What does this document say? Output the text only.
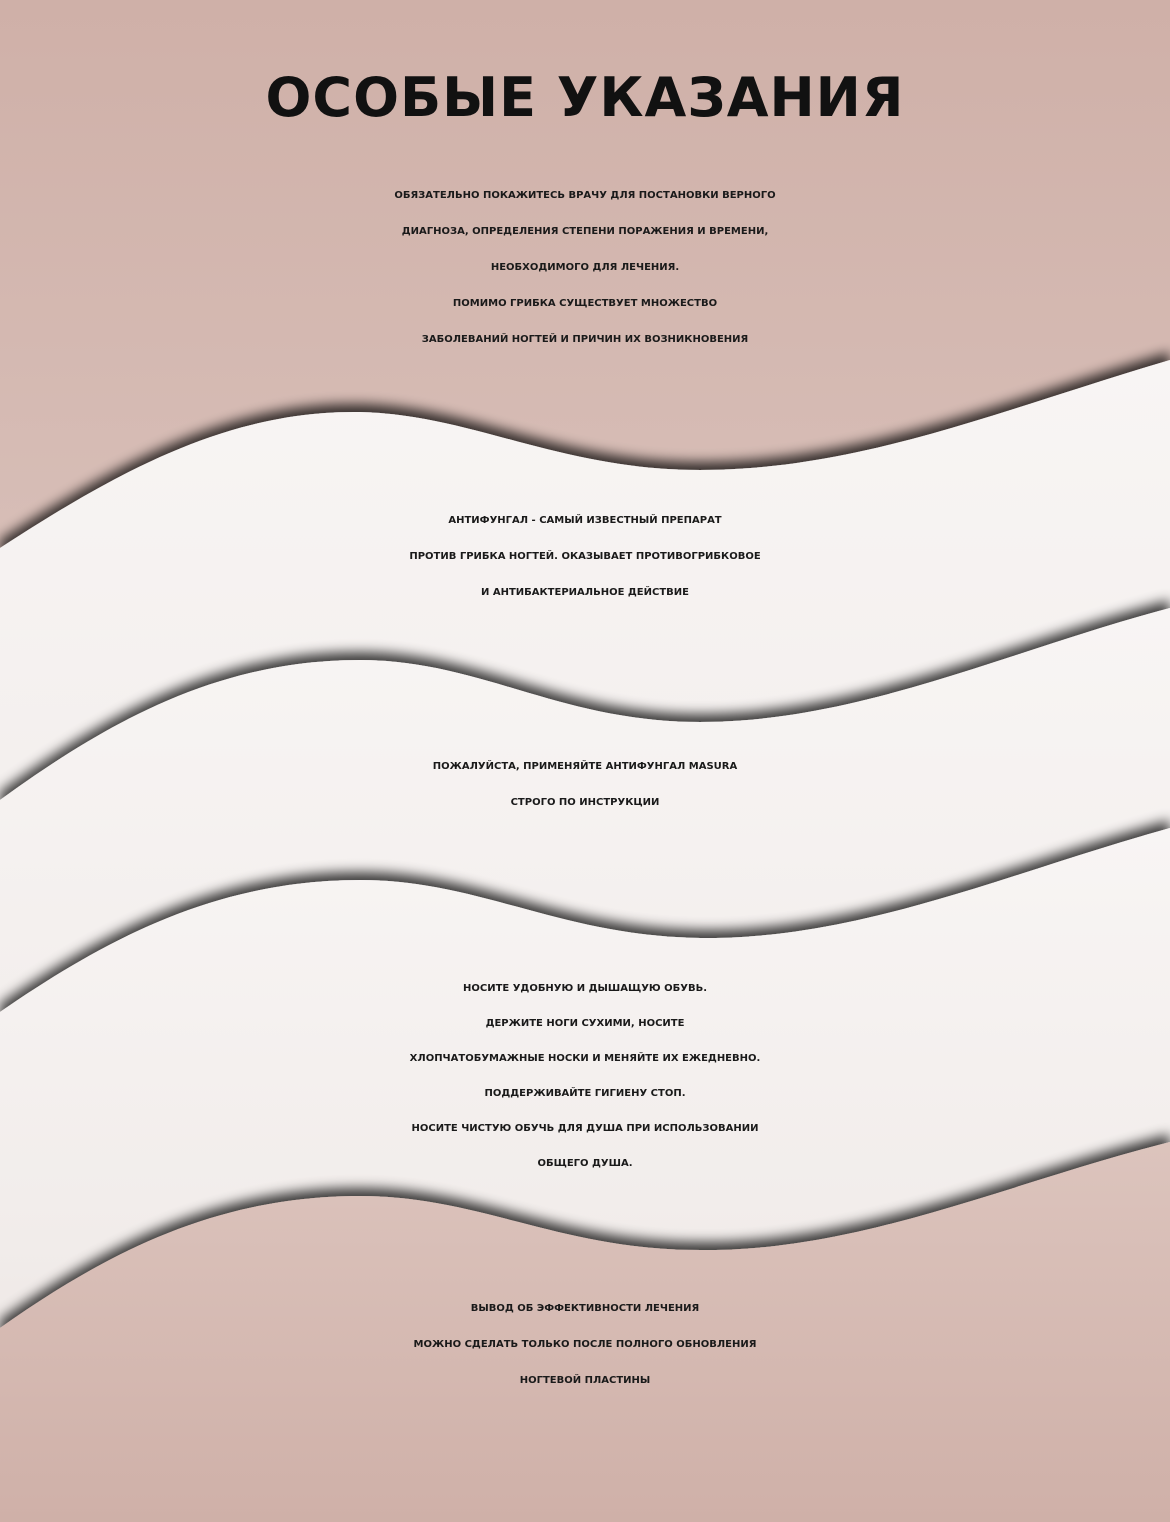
ОСОБЫЕ УКАЗАНИЯ
ОБЯЗАТЕЛЬНО ПОКАЖИТЕСЬ ВРАЧУ ДЛЯ ПОСТАНОВКИ ВЕРНОГО
ДИАГНОЗА, ОПРЕДЕЛЕНИЯ СТЕПЕНИ ПОРАЖЕНИЯ И ВРЕМЕНИ,
НЕОБХОДИМОГО ДЛЯ ЛЕЧЕНИЯ.
ПОМИМО ГРИБКА СУЩЕСТВУЕТ МНОЖЕСТВО
ЗАБОЛЕВАНИЙ НОГТЕЙ И ПРИЧИН ИХ ВОЗНИКНОВЕНИЯ
АНТИФУНГАЛ - САМЫЙ ИЗВЕСТНЫЙ ПРЕПАРАТ
ПРОТИВ ГРИБКА НОГТЕЙ. ОКАЗЫВАЕТ ПРОТИВОГРИБКОВОЕ
И АНТИБАКТЕРИАЛЬНОЕ ДЕЙСТВИЕ
ПОЖАЛУЙСТА, ПРИМЕНЯЙТЕ АНТИФУНГАЛ MASURA
СТРОГО ПО ИНСТРУКЦИИ
НОСИТЕ УДОБНУЮ И ДЫШАЩУЮ ОБУВЬ.
ДЕРЖИТЕ НОГИ СУХИМИ, НОСИТЕ
ХЛОПЧАТОБУМАЖНЫЕ НОСКИ И МЕНЯЙТЕ ИХ ЕЖЕДНЕВНО.
ПОДДЕРЖИВАЙТЕ ГИГИЕНУ СТОП.
НОСИТЕ ЧИСТУЮ ОБУЧЬ ДЛЯ ДУША ПРИ ИСПОЛЬЗОВАНИИ
ОБЩЕГО ДУША.
ВЫВОД ОБ ЭФФЕКТИВНОСТИ ЛЕЧЕНИЯ
МОЖНО СДЕЛАТЬ ТОЛЬКО ПОСЛЕ ПОЛНОГО ОБНОВЛЕНИЯ
НОГТЕВОЙ ПЛАСТИНЫ
